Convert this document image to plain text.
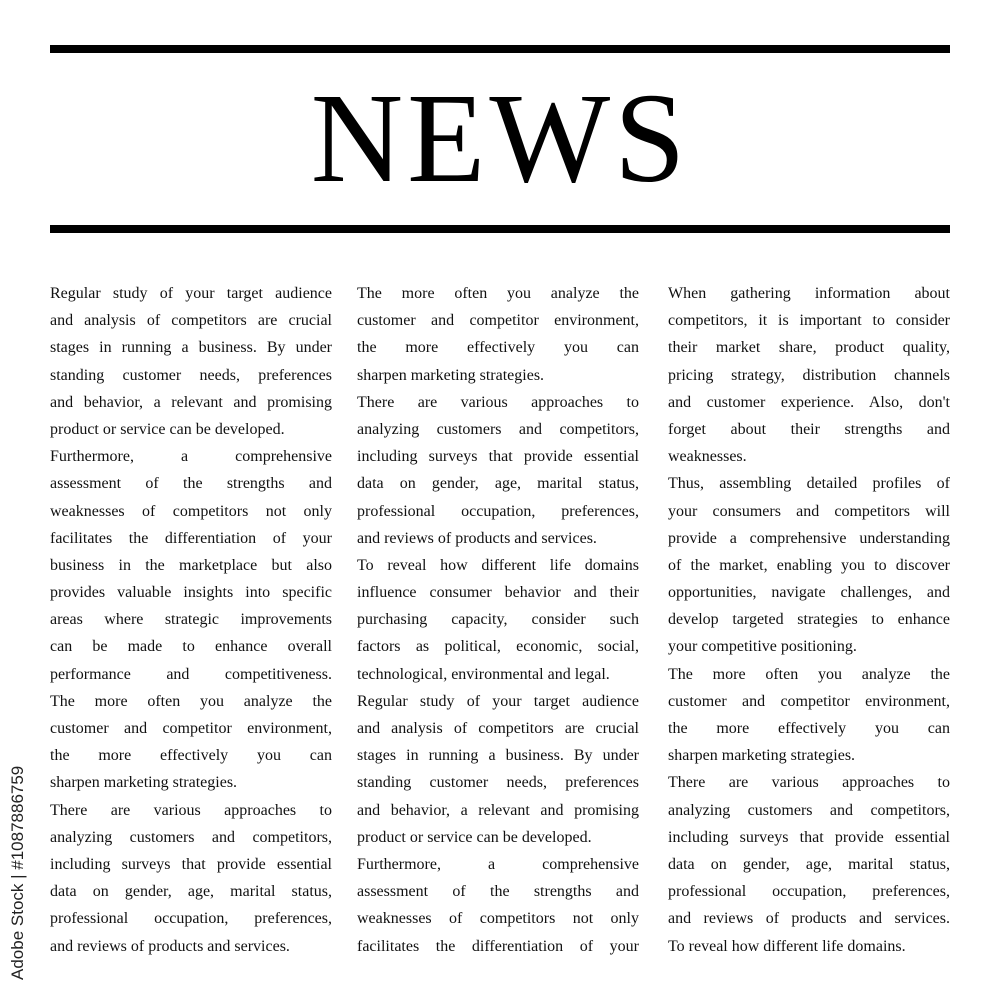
NEWS
Regular study of your target audience
and analysis of competitors are crucial
stages in running a business. By under
standing customer needs, preferences
and behavior, a relevant and promising
product or service can be developed.
Furthermore, a comprehensive
assessment of the strengths and
weaknesses of competitors not only
facilitates the differentiation of your
business in the marketplace but also
provides valuable insights into specific
areas where strategic improvements
can be made to enhance overall
performance and competitiveness.
The more often you analyze the
customer and competitor environment,
the more effectively you can
sharpen marketing strategies.
There are various approaches to
analyzing customers and competitors,
including surveys that provide essential
data on gender, age, marital status,
professional occupation, preferences,
and reviews of products and services.
The more often you analyze the
customer and competitor environment,
the more effectively you can
sharpen marketing strategies.
There are various approaches to
analyzing customers and competitors,
including surveys that provide essential
data on gender, age, marital status,
professional occupation, preferences,
and reviews of products and services.
To reveal how different life domains
influence consumer behavior and their
purchasing capacity, consider such
factors as political, economic, social,
technological, environmental and legal.
Regular study of your target audience
and analysis of competitors are crucial
stages in running a business. By under
standing customer needs, preferences
and behavior, a relevant and promising
product or service can be developed.
Furthermore, a comprehensive
assessment of the strengths and
weaknesses of competitors not only
facilitates the differentiation of your
When gathering information about
competitors, it is important to consider
their market share, product quality,
pricing strategy, distribution channels
and customer experience. Also, don't
forget about their strengths and
weaknesses.
Thus, assembling detailed profiles of
your consumers and competitors will
provide a comprehensive understanding
of the market, enabling you to discover
opportunities, navigate challenges, and
develop targeted strategies to enhance
your competitive positioning.
The more often you analyze the
customer and competitor environment,
the more effectively you can
sharpen marketing strategies.
There are various approaches to
analyzing customers and competitors,
including surveys that provide essential
data on gender, age, marital status,
professional occupation, preferences,
and reviews of products and services.
To reveal how different life domains.
Adobe Stock | #1087886759
